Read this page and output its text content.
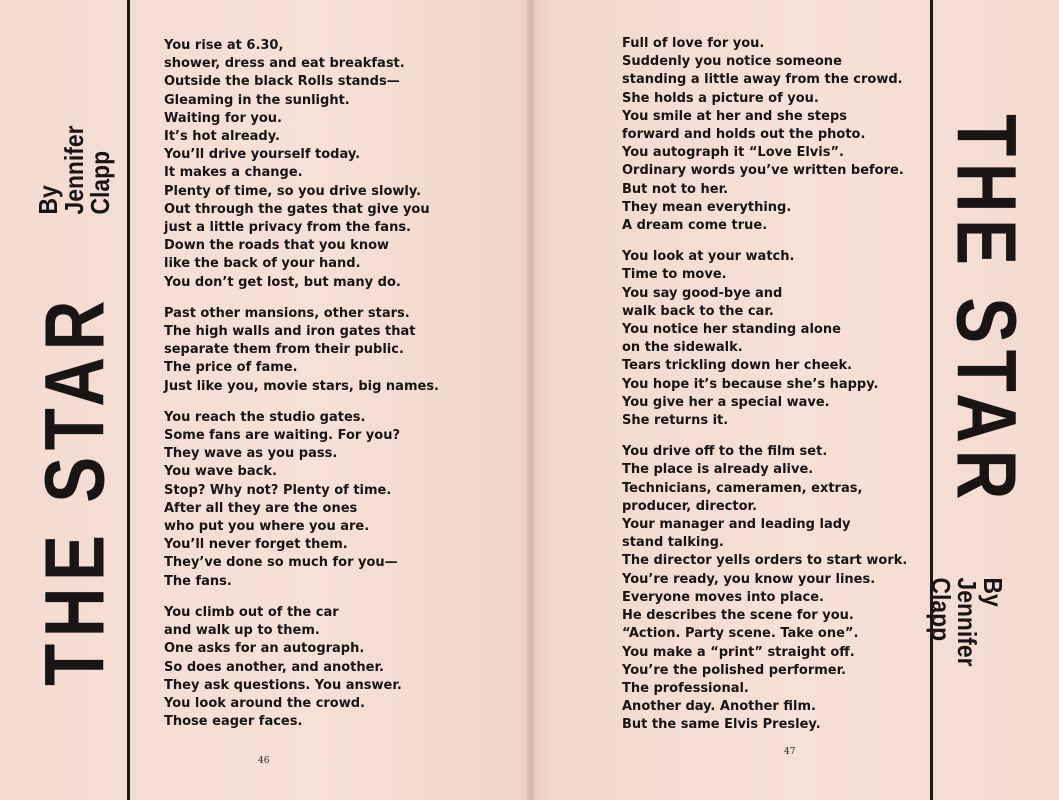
THE STAR
By
Jennifer
Clapp	THE STAR
By
Jennifer
Clapp

You rise at 6.30,
shower, dress and eat breakfast.
Outside the black Rolls stands—
Gleaming in the sunlight.
Waiting for you.
It’s hot already.
You’ll drive yourself today.
It makes a change.
Plenty of time, so you drive slowly.
Out through the gates that give you
just a little privacy from the fans.
Down the roads that you know
like the back of your hand.
You don’t get lost, but many do.

Past other mansions, other stars.
The high walls and iron gates that
separate them from their public.
The price of fame.
Just like you, movie stars, big names.

You reach the studio gates.
Some fans are waiting. For you?
They wave as you pass.
You wave back.
Stop? Why not? Plenty of time.
After all they are the ones
who put you where you are.
You’ll never forget them.
They’ve done so much for you—
The fans.

You climb out of the car
and walk up to them.
One asks for an autograph.
So does another, and another.
They ask questions. You answer.
You look around the crowd.
Those eager faces.

46

Full of love for you.
Suddenly you notice someone
standing a little away from the crowd.
She holds a picture of you.
You smile at her and she steps
forward and holds out the photo.
You autograph it “Love Elvis”.
Ordinary words you’ve written before.
But not to her.
They mean everything.
A dream come true.

You look at your watch.
Time to move.
You say good-bye and
walk back to the car.
You notice her standing alone
on the sidewalk.
Tears trickling down her cheek.
You hope it’s because she’s happy.
You give her a special wave.
She returns it.

You drive off to the film set.
The place is already alive.
Technicians, cameramen, extras,
producer, director.
Your manager and leading lady
stand talking.
The director yells orders to start work.
You’re ready, you know your lines.
Everyone moves into place.
He describes the scene for you.
“Action. Party scene. Take one”.
You make a “print” straight off.
You’re the polished performer.
The professional.
Another day. Another film.
But the same Elvis Presley.

47
